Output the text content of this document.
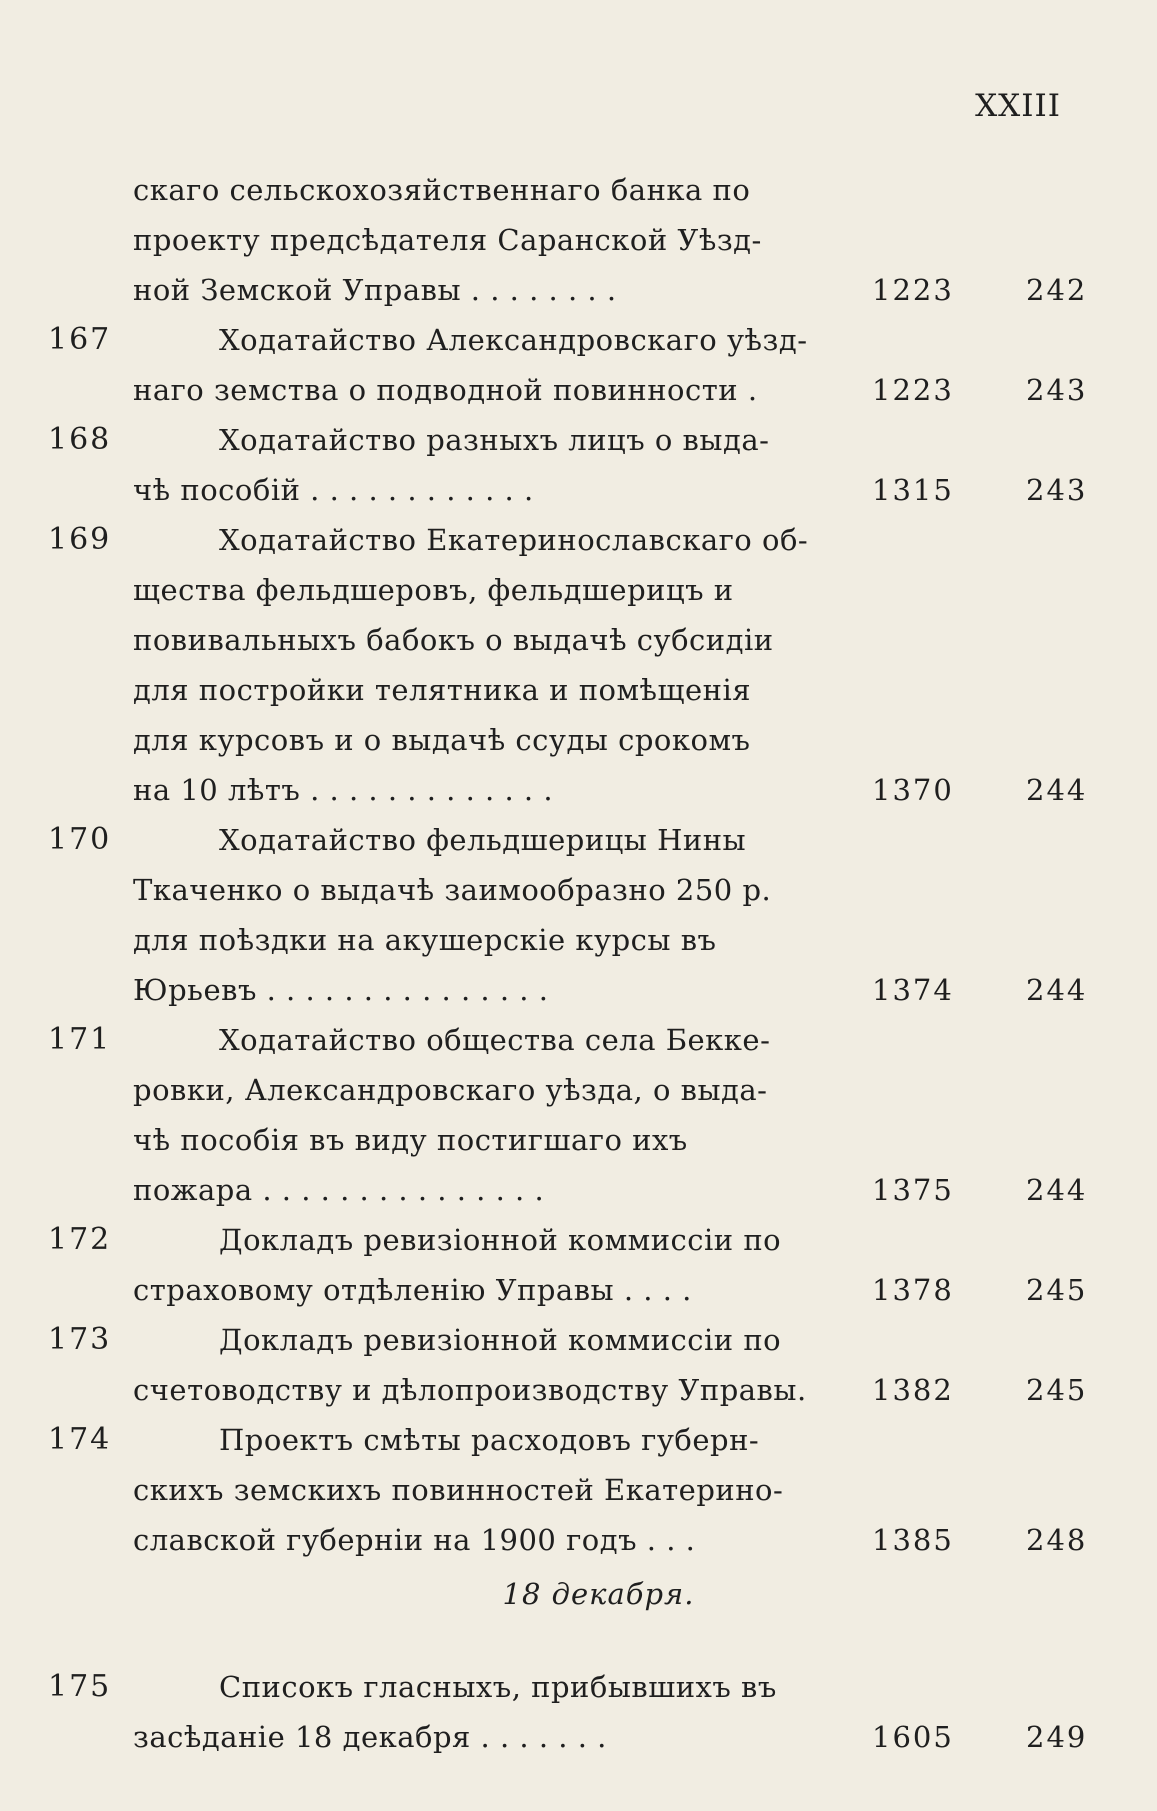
XXIII
скаго сельскохозяйственнаго банка по
проекту предсѣдателя Саранской Уѣзд-
ной Земской Управы . . . . . . . .	1223 242
167	Ходатайство Александровскаго уѣзд-
наго земства о подводной повинности .	1223 243
168	Ходатайство разныхъ лицъ о выда-
чѣ пособій . . . . . . . . . . . .	1315 243
169	Ходатайство Екатеринославскаго об-
щества фельдшеровъ, фельдшерицъ и
повивальныхъ бабокъ о выдачѣ субсидіи
для постройки телятника и помѣщенія
для курсовъ и о выдачѣ ссуды срокомъ
на 10 лѣтъ . . . . . . . . . . . . .	1370 244
170	Ходатайство фельдшерицы Нины
Ткаченко о выдачѣ заимообразно 250 р.
для поѣздки на акушерскіе курсы въ
Юрьевъ . . . . . . . . . . . . . . .	1374 244
171	Ходатайство общества села Бекке-
ровки, Александровскаго уѣзда, о выда-
чѣ пособія въ виду постигшаго ихъ
пожара . . . . . . . . . . . . . . .	1375 244
172	Докладъ ревизіонной коммиссіи по
страховому отдѣленію Управы . . . .	1378 245
173	Докладъ ревизіонной коммиссіи по
счетоводству и дѣлопроизводству Управы.	1382 245
174	Проектъ смѣты расходовъ губерн-
скихъ земскихъ повинностей Екатерино-
славской губерніи на 1900 годъ . . .	1385 248
18 декабря.
175	Списокъ гласныхъ, прибывшихъ въ
засѣданіе 18 декабря . . . . . . .	1605 249
